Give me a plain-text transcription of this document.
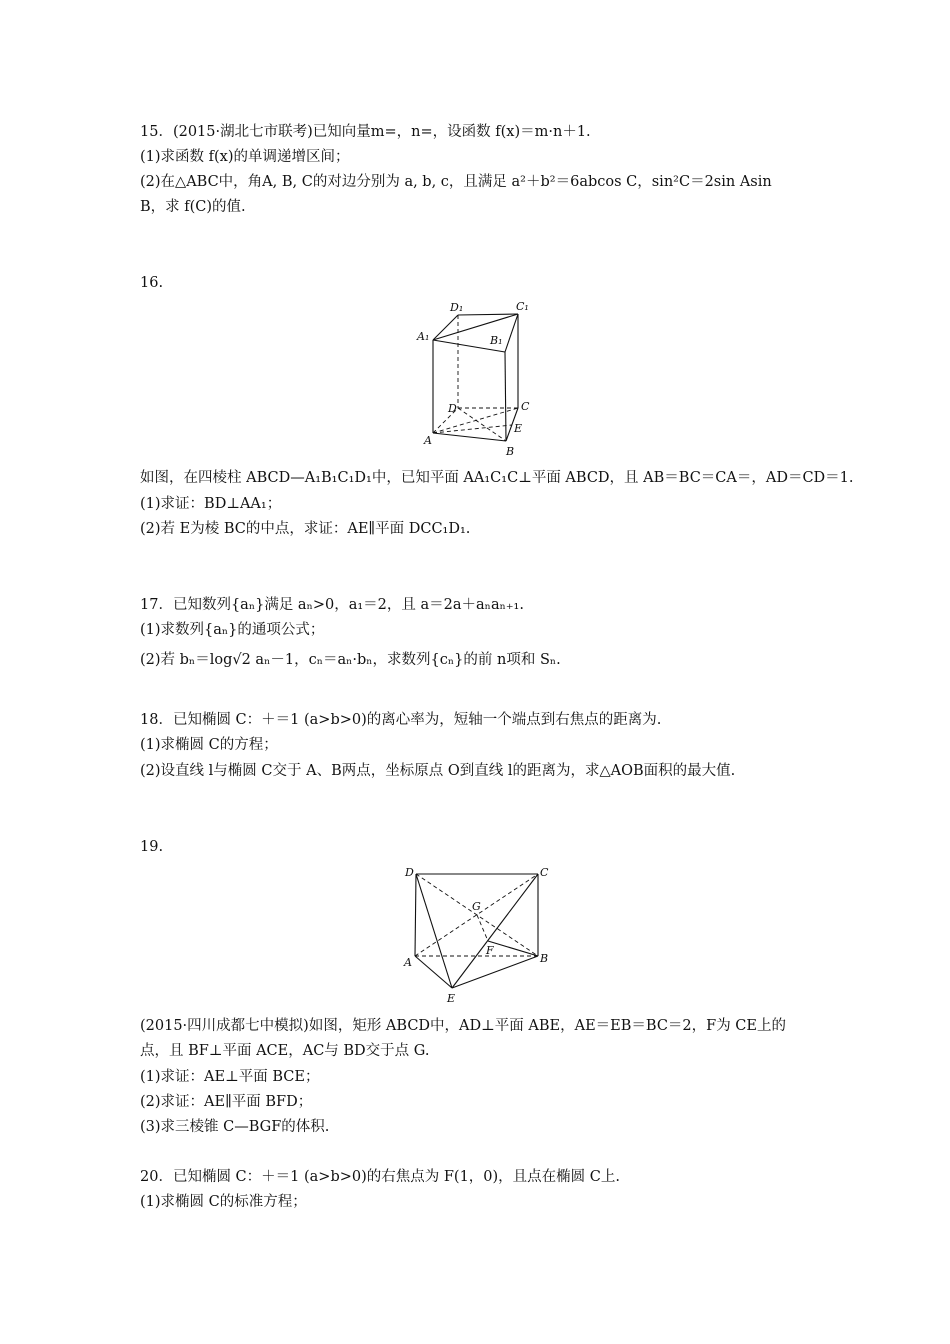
15．(2015·湖北七市联考)已知向量m=，n=，设函数 f(x)＝m·n＋1.
(1)求函数 f(x)的单调递增区间；
(2)在△ABC中，角A, B, C的对边分别为 a, b, c，且满足 a²＋b²＝6abcos C，sin²C＝2sin Asin
B，求 f(C)的值.
16.
D₁	C₁
A₁	B₁
D	C
A
B
E
如图，在四棱柱 ABCD—A₁B₁C₁D₁中，已知平面 AA₁C₁C⊥平面 ABCD，且 AB＝BC＝CA＝，AD＝CD＝1.
(1)求证：BD⊥AA₁；
(2)若 E为棱 BC的中点，求证：AE∥平面 DCC₁D₁.
17．已知数列{aₙ}满足 aₙ>0，a₁＝2，且 a＝2a＋aₙaₙ₊₁.
(1)求数列{aₙ}的通项公式；
(2)若 bₙ＝log√2 aₙ－1，cₙ＝aₙ·bₙ，求数列{cₙ}的前 n项和 Sₙ.
18．已知椭圆 C：＋＝1 (a>b>0)的离心率为，短轴一个端点到右焦点的距离为.
(1)求椭圆 C的方程；
(2)设直线 l与椭圆 C交于 A、B两点，坐标原点 O到直线 l的距离为，求△AOB面积的最大值.
19.
D	C
G
F
A	B
E
(2015·四川成都七中模拟)如图，矩形 ABCD中，AD⊥平面 ABE，AE＝EB＝BC＝2，F为 CE上的
点，且 BF⊥平面 ACE，AC与 BD交于点 G.
(1)求证：AE⊥平面 BCE；
(2)求证：AE∥平面 BFD；
(3)求三棱锥 C—BGF的体积.
20．已知椭圆 C：＋＝1 (a>b>0)的右焦点为 F(1，0)，且点在椭圆 C上.
(1)求椭圆 C的标准方程；
